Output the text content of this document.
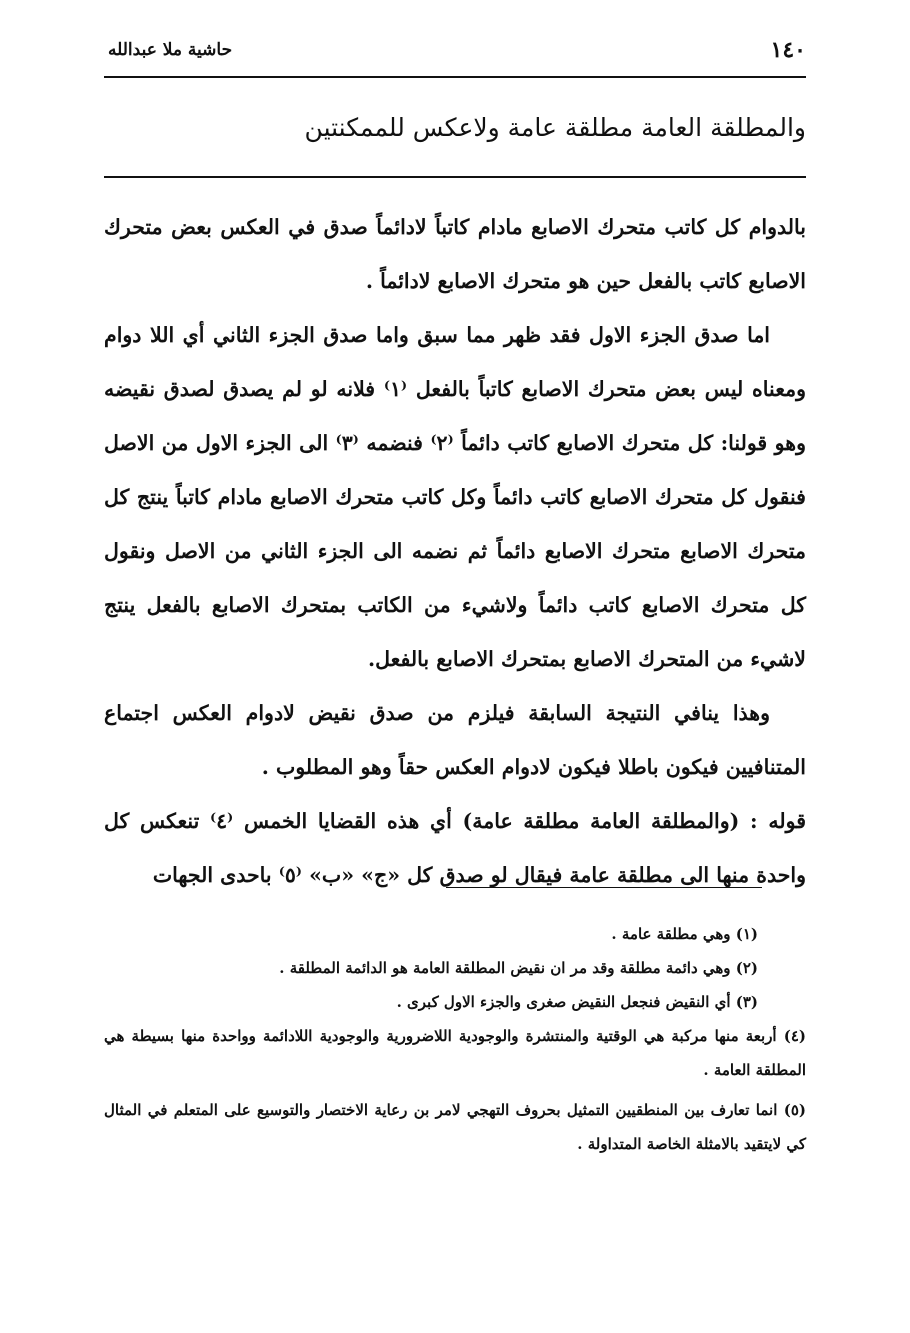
١٤٠
حاشية ملا عبدالله
والمطلقة العامة مطلقة عامة ولاعكس للممكنتين

بالدوام كل كاتب متحرك الاصابع مادام كاتباً لادائماً صدق في العكس بعض متحرك الاصابع كاتب بالفعل حين هو متحرك الاصابع لادائماً .

اما صدق الجزء الاول فقد ظهر مما سبق واما صدق الجزء الثاني أي اللا دوام ومعناه ليس بعض متحرك الاصابع كاتباً بالفعل ⁽١⁾ فلانه لو لم يصدق لصدق نقيضه وهو قولنا: كل متحرك الاصابع كاتب دائماً ⁽٢⁾ فنضمه ⁽٣⁾ الى الجزء الاول من الاصل فنقول كل متحرك الاصابع كاتب دائماً وكل كاتب متحرك الاصابع مادام كاتباً ينتج كل متحرك الاصابع متحرك الاصابع دائماً ثم نضمه الى الجزء الثاني من الاصل ونقول كل متحرك الاصابع كاتب دائماً ولاشيء من الكاتب بمتحرك الاصابع بالفعل ينتج لاشيء من المتحرك الاصابع بمتحرك الاصابع بالفعل.

وهذا ينافي النتيجة السابقة فيلزم من صدق نقيض لادوام العكس اجتماع المتنافيين فيكون باطلا فيكون لادوام العكس حقاً وهو المطلوب .

قوله : (والمطلقة العامة مطلقة عامة) أي هذه القضايا الخمس ⁽٤⁾ تنعكس كل واحدة منها الى مطلقة عامة فيقال لو صدق كل «ج» «ب» ⁽٥⁾ باحدى الجهات

(١) وهي مطلقة عامة .

(٢) وهي دائمة مطلقة وقد مر ان نقيض المطلقة العامة هو الدائمة المطلقة .

(٣) أي النقيض فنجعل النقيض صغرى والجزء الاول كبرى .

(٤) أربعة منها مركبة هي الوقتية والمنتشرة والوجودية اللاضرورية والوجودية اللادائمة وواحدة منها بسيطة هي المطلقة العامة .

(٥) انما تعارف بين المنطقيين التمثيل بحروف التهجي لامر بن رعاية الاختصار والتوسيع على المتعلم في المثال كي لايتقيد بالامثلة الخاصة المتداولة .
